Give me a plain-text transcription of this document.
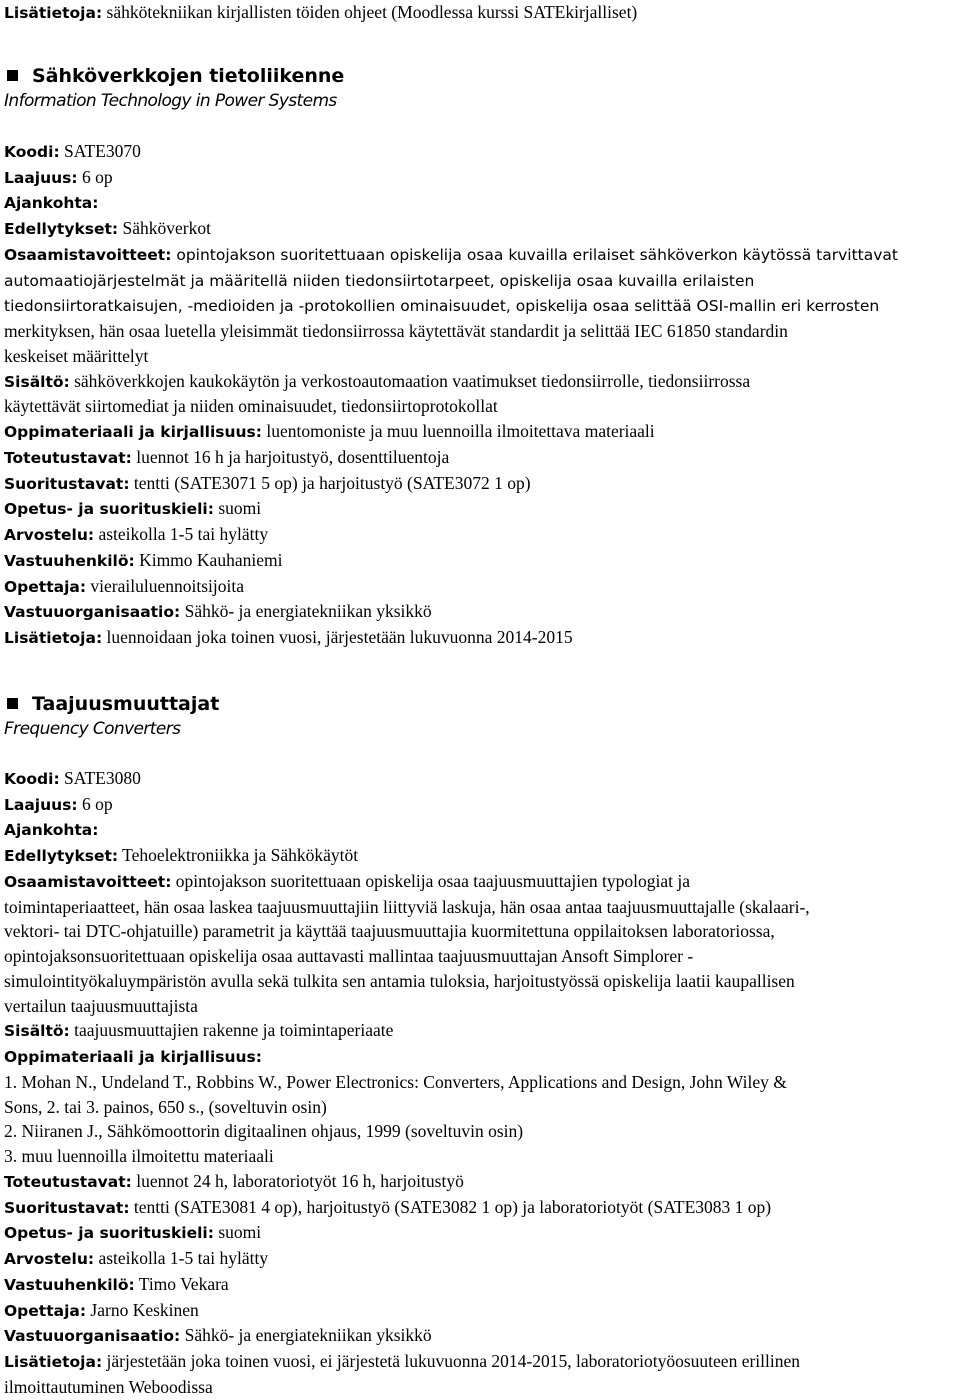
Lisätietoja: sähkötekniikan kirjallisten töiden ohjeet (Moodlessa kurssi SATEkirjalliset)

Sähköverkkojen tietoliikenne

Information Technology in Power Systems

Koodi: SATE3070

Laajuus: 6 op

Ajankohta:

Edellytykset: Sähköverkot

Osaamistavoitteet: opintojakson suoritettuaan opiskelija osaa kuvailla erilaiset sähköverkon käytössä tarvittavat

automaatiojärjestelmät ja määritellä niiden tiedonsiirtotarpeet, opiskelija osaa kuvailla erilaisten

tiedonsiirtoratkaisujen, -medioiden ja -protokollien ominaisuudet, opiskelija osaa selittää OSI-mallin eri kerrosten

merkityksen, hän osaa luetella yleisimmät tiedonsiirrossa käytettävät standardit ja selittää IEC 61850 standardin

keskeiset määrittelyt

Sisältö: sähköverkkojen kaukokäytön ja verkostoautomaation vaatimukset tiedonsiirrolle, tiedonsiirrossa

käytettävät siirtomediat ja niiden ominaisuudet, tiedonsiirtoprotokollat

Oppimateriaali ja kirjallisuus: luentomoniste ja muu luennoilla ilmoitettava materiaali

Toteutustavat: luennot 16 h ja harjoitustyö, dosenttiluentoja

Suoritustavat: tentti (SATE3071 5 op) ja harjoitustyö (SATE3072 1 op)

Opetus- ja suorituskieli: suomi

Arvostelu: asteikolla 1-5 tai hylätty

Vastuuhenkilö: Kimmo Kauhaniemi

Opettaja: vierailuluennoitsijoita

Vastuuorganisaatio: Sähkö- ja energiatekniikan yksikkö

Lisätietoja: luennoidaan joka toinen vuosi, järjestetään lukuvuonna 2014-2015

Taajuusmuuttajat

Frequency Converters

Koodi: SATE3080

Laajuus: 6 op

Ajankohta:

Edellytykset: Tehoelektroniikka ja Sähkökäytöt

Osaamistavoitteet: opintojakson suoritettuaan opiskelija osaa taajuusmuuttajien typologiat ja

toimintaperiaatteet, hän osaa laskea taajuusmuuttajiin liittyviä laskuja, hän osaa antaa taajuusmuuttajalle (skalaari-,

vektori- tai DTC-ohjatuille) parametrit ja käyttää taajuusmuuttajia kuormitettuna oppilaitoksen laboratoriossa,

opintojaksonsuoritettuaan opiskelija osaa auttavasti mallintaa taajuusmuuttajan Ansoft Simplorer -

simulointityökaluympäristön avulla sekä tulkita sen antamia tuloksia, harjoitustyössä opiskelija laatii kaupallisen

vertailun taajuusmuuttajista

Sisältö: taajuusmuuttajien rakenne ja toimintaperiaate

Oppimateriaali ja kirjallisuus:

1. Mohan N., Undeland T., Robbins W., Power Electronics: Converters, Applications and Design, John Wiley &

Sons, 2. tai 3. painos, 650 s., (soveltuvin osin)

2. Niiranen J., Sähkömoottorin digitaalinen ohjaus, 1999 (soveltuvin osin)

3. muu luennoilla ilmoitettu materiaali

Toteutustavat: luennot 24 h, laboratoriotyöt 16 h, harjoitustyö

Suoritustavat: tentti (SATE3081 4 op), harjoitustyö (SATE3082 1 op) ja laboratoriotyöt (SATE3083 1 op)

Opetus- ja suorituskieli: suomi

Arvostelu: asteikolla 1-5 tai hylätty

Vastuuhenkilö: Timo Vekara

Opettaja: Jarno Keskinen

Vastuuorganisaatio: Sähkö- ja energiatekniikan yksikkö

Lisätietoja: järjestetään joka toinen vuosi, ei järjestetä lukuvuonna 2014-2015, laboratoriotyöosuuteen erillinen

ilmoittautuminen Weboodissa
